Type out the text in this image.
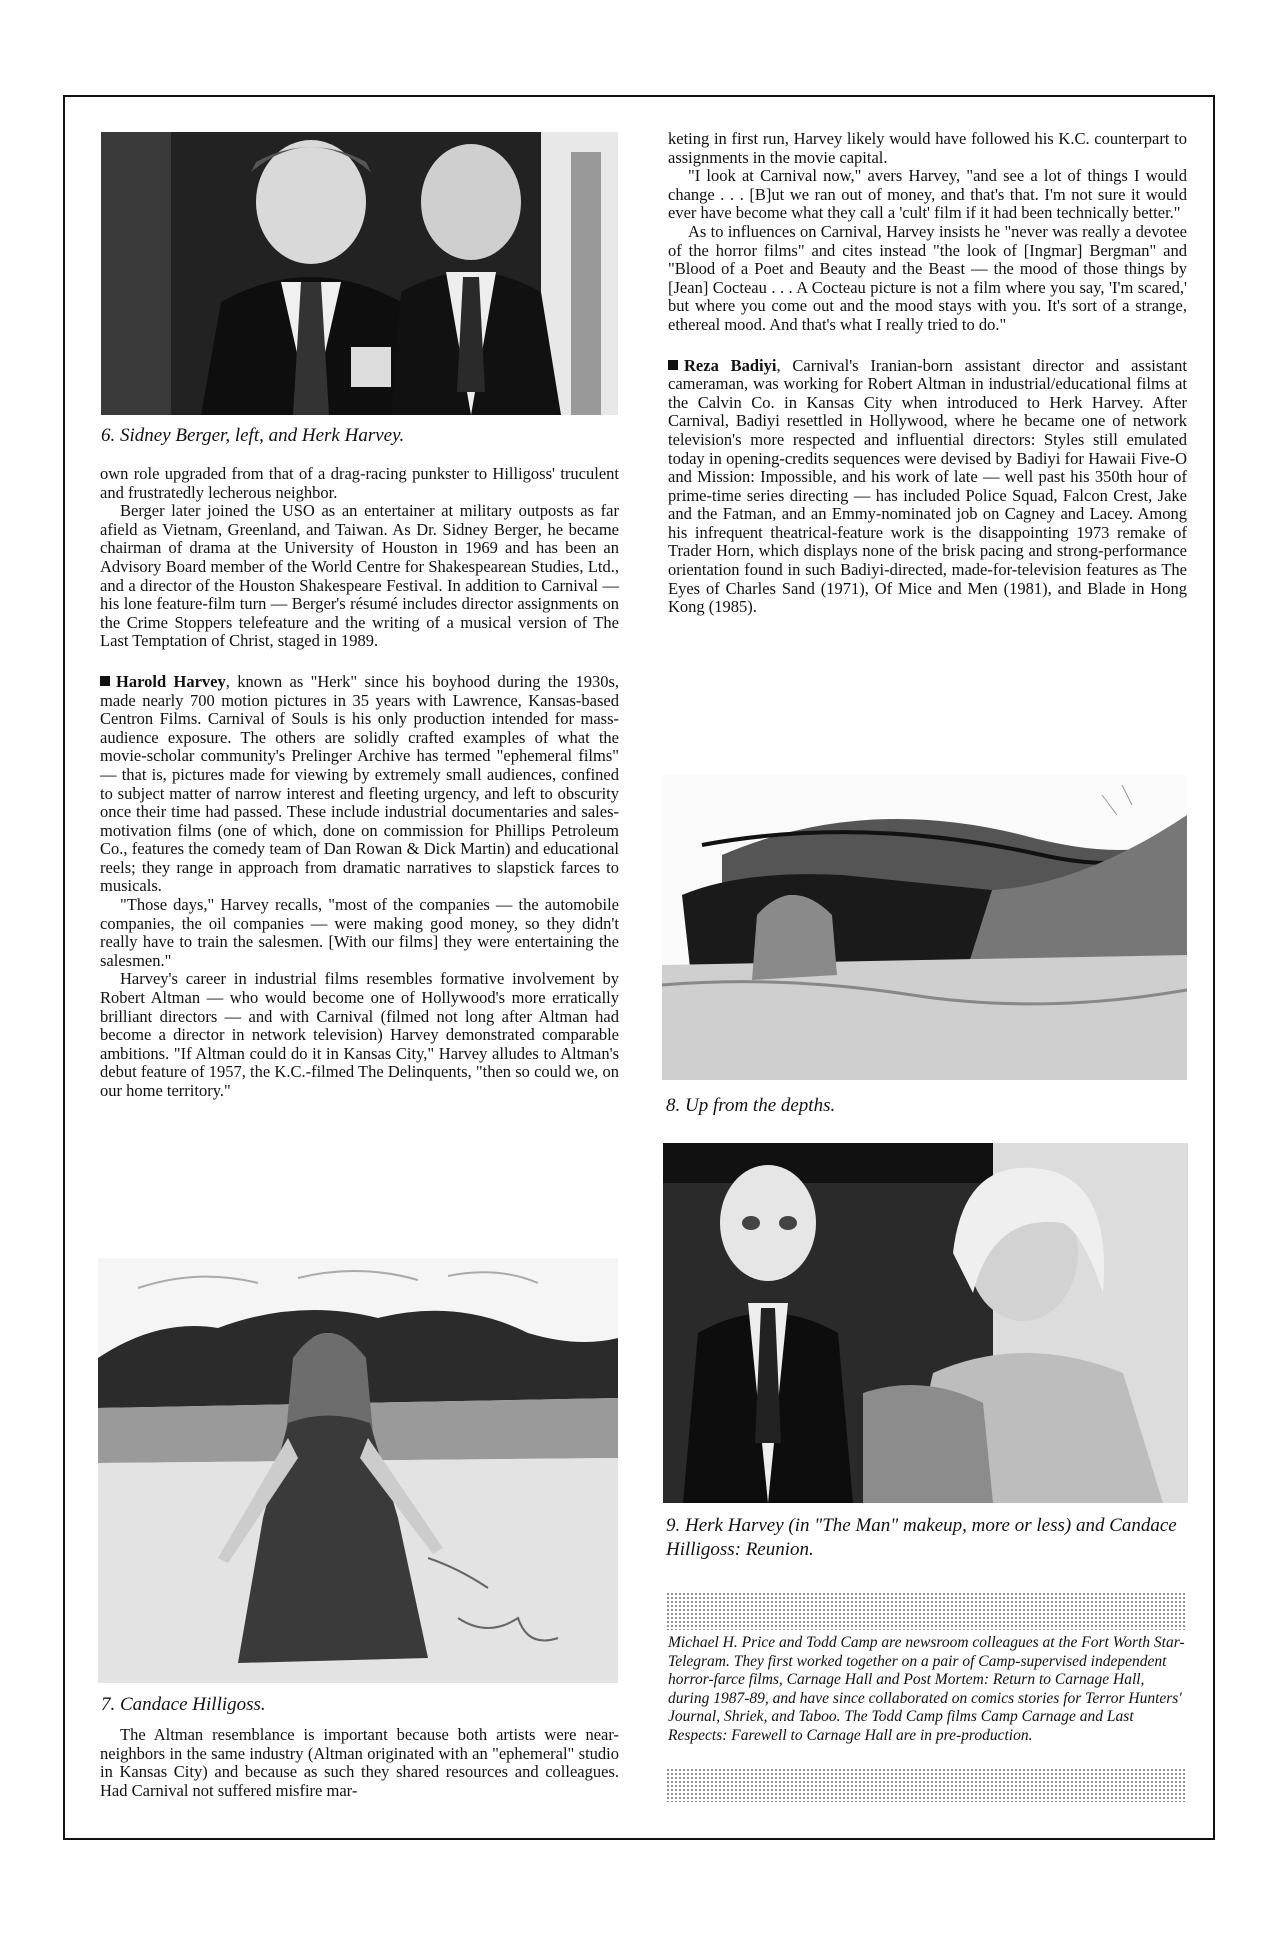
6. Sidney Berger, left, and Herk Harvey.

own role upgraded from that of a drag-racing punkster to Hilligoss' truculent and frustratedly lecherous neighbor.

Berger later joined the USO as an entertainer at military outposts as far afield as Vietnam, Greenland, and Taiwan. As Dr. Sidney Berger, he became chairman of drama at the University of Houston in 1969 and has been an Advisory Board member of the World Centre for Shakespearean Studies, Ltd., and a director of the Houston Shakespeare Festival. In addition to Carnival — his lone feature-film turn — Berger's résumé includes director assignments on the Crime Stoppers telefeature and the writing of a musical version of The Last Temptation of Christ, staged in 1989.

Harold Harvey, known as "Herk" since his boyhood during the 1930s, made nearly 700 motion pictures in 35 years with Lawrence, Kansas-based Centron Films. Carnival of Souls is his only production intended for mass-audience exposure. The others are solidly crafted examples of what the movie-scholar community's Prelinger Archive has termed "ephemeral films" — that is, pictures made for viewing by extremely small audiences, confined to subject matter of narrow interest and fleeting urgency, and left to obscurity once their time had passed. These include industrial documentaries and sales-motivation films (one of which, done on commission for Phillips Petroleum Co., features the comedy team of Dan Rowan & Dick Martin) and educational reels; they range in approach from dramatic narratives to slapstick farces to musicals.

"Those days," Harvey recalls, "most of the companies — the automobile companies, the oil companies — were making good money, so they didn't really have to train the salesmen. [With our films] they were entertaining the salesmen."

Harvey's career in industrial films resembles formative involvement by Robert Altman — who would become one of Hollywood's more erratically brilliant directors — and with Carnival (filmed not long after Altman had become a director in network television) Harvey demonstrated comparable ambitions. "If Altman could do it in Kansas City," Harvey alludes to Altman's debut feature of 1957, the K.C.-filmed The Delinquents, "then so could we, on our home territory."

7. Candace Hilligoss.

The Altman resemblance is important because both artists were near-neighbors in the same industry (Altman originated with an "ephemeral" studio in Kansas City) and because as such they shared resources and colleagues. Had Carnival not suffered misfire mar-

keting in first run, Harvey likely would have followed his K.C. counterpart to assignments in the movie capital.

"I look at Carnival now," avers Harvey, "and see a lot of things I would change . . . [B]ut we ran out of money, and that's that. I'm not sure it would ever have become what they call a 'cult' film if it had been technically better."

As to influences on Carnival, Harvey insists he "never was really a devotee of the horror films" and cites instead "the look of [Ingmar] Bergman" and "Blood of a Poet and Beauty and the Beast — the mood of those things by [Jean] Cocteau . . . A Cocteau picture is not a film where you say, 'I'm scared,' but where you come out and the mood stays with you. It's sort of a strange, ethereal mood. And that's what I really tried to do."

Reza Badiyi, Carnival's Iranian-born assistant director and assistant cameraman, was working for Robert Altman in industrial/educational films at the Calvin Co. in Kansas City when introduced to Herk Harvey. After Carnival, Badiyi resettled in Hollywood, where he became one of network television's more respected and influential directors: Styles still emulated today in opening-credits sequences were devised by Badiyi for Hawaii Five-O and Mission: Impossible, and his work of late — well past his 350th hour of prime-time series directing — has included Police Squad, Falcon Crest, Jake and the Fatman, and an Emmy-nominated job on Cagney and Lacey. Among his infrequent theatrical-feature work is the disappointing 1973 remake of Trader Horn, which displays none of the brisk pacing and strong-performance orientation found in such Badiyi-directed, made-for-television features as The Eyes of Charles Sand (1971), Of Mice and Men (1981), and Blade in Hong Kong (1985).

8. Up from the depths.
9. Herk Harvey (in "The Man" makeup, more or less) and Candace Hilligoss: Reunion.
Michael H. Price and Todd Camp are newsroom colleagues at the Fort Worth Star-Telegram. They first worked together on a pair of Camp-supervised independent horror-farce films, Carnage Hall and Post Mortem: Return to Carnage Hall, during 1987-89, and have since collaborated on comics stories for Terror Hunters' Journal, Shriek, and Taboo. The Todd Camp films Camp Carnage and Last Respects: Farewell to Carnage Hall are in pre-production.
